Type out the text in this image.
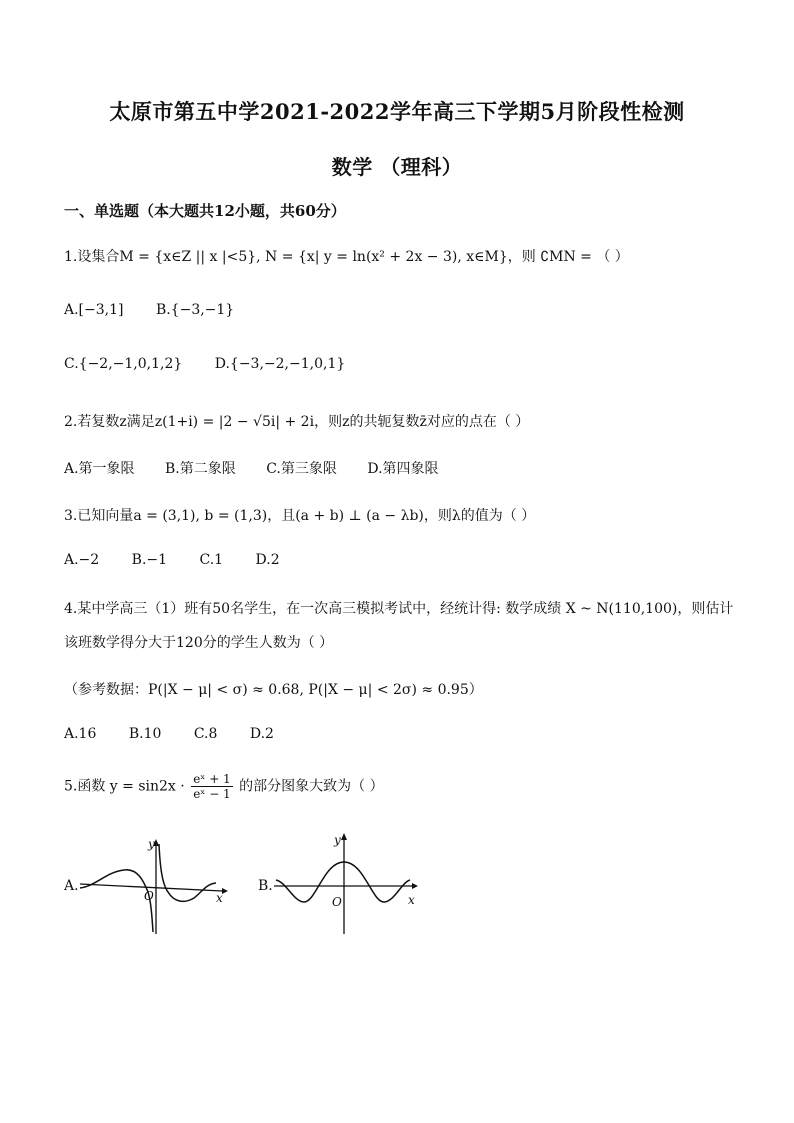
太原市第五中学2021-2022学年高三下学期5月阶段性检测
数学 （理科）
一、单选题（本大题共12小题，共60分）
1.设集合M = {x∈Z || x |<5}, N = {x| y = ln(x² + 2x − 3), x∈M}，则 ∁MN = （ ）
A.[−3,1] B.{−3,−1}
C.{−2,−1,0,1,2} D.{−3,−2,−1,0,1}
2.若复数z满足z(1+i) = |2 − √5i| + 2i，则z的共轭复数z̄对应的点在（ ）
A.第一象限 B.第二象限 C.第三象限 D.第四象限
3.已知向量a = (3,1), b = (1,3)，且(a + b) ⊥ (a − λb)，则λ的值为（ ）
A.−2 B.−1 C.1 D.2
4.某中学高三（1）班有50名学生，在一次高三模拟考试中，经统计得: 数学成绩 X ~ N(110,100)，则估计
该班数学得分大于120分的学生人数为（ ）
（参考数据：P(|X − μ| < σ) ≈ 0.68, P(|X − μ| < 2σ) ≈ 0.95）
A.16 B.10 C.8 D.2
5.函数 $y = \sin 2x \cdot \frac{\text{eˣ + 1}}{\text{eˣ − 1}}$ 的部分图象大致为（ ）
A.
y
x
O
B.
y
x
O
